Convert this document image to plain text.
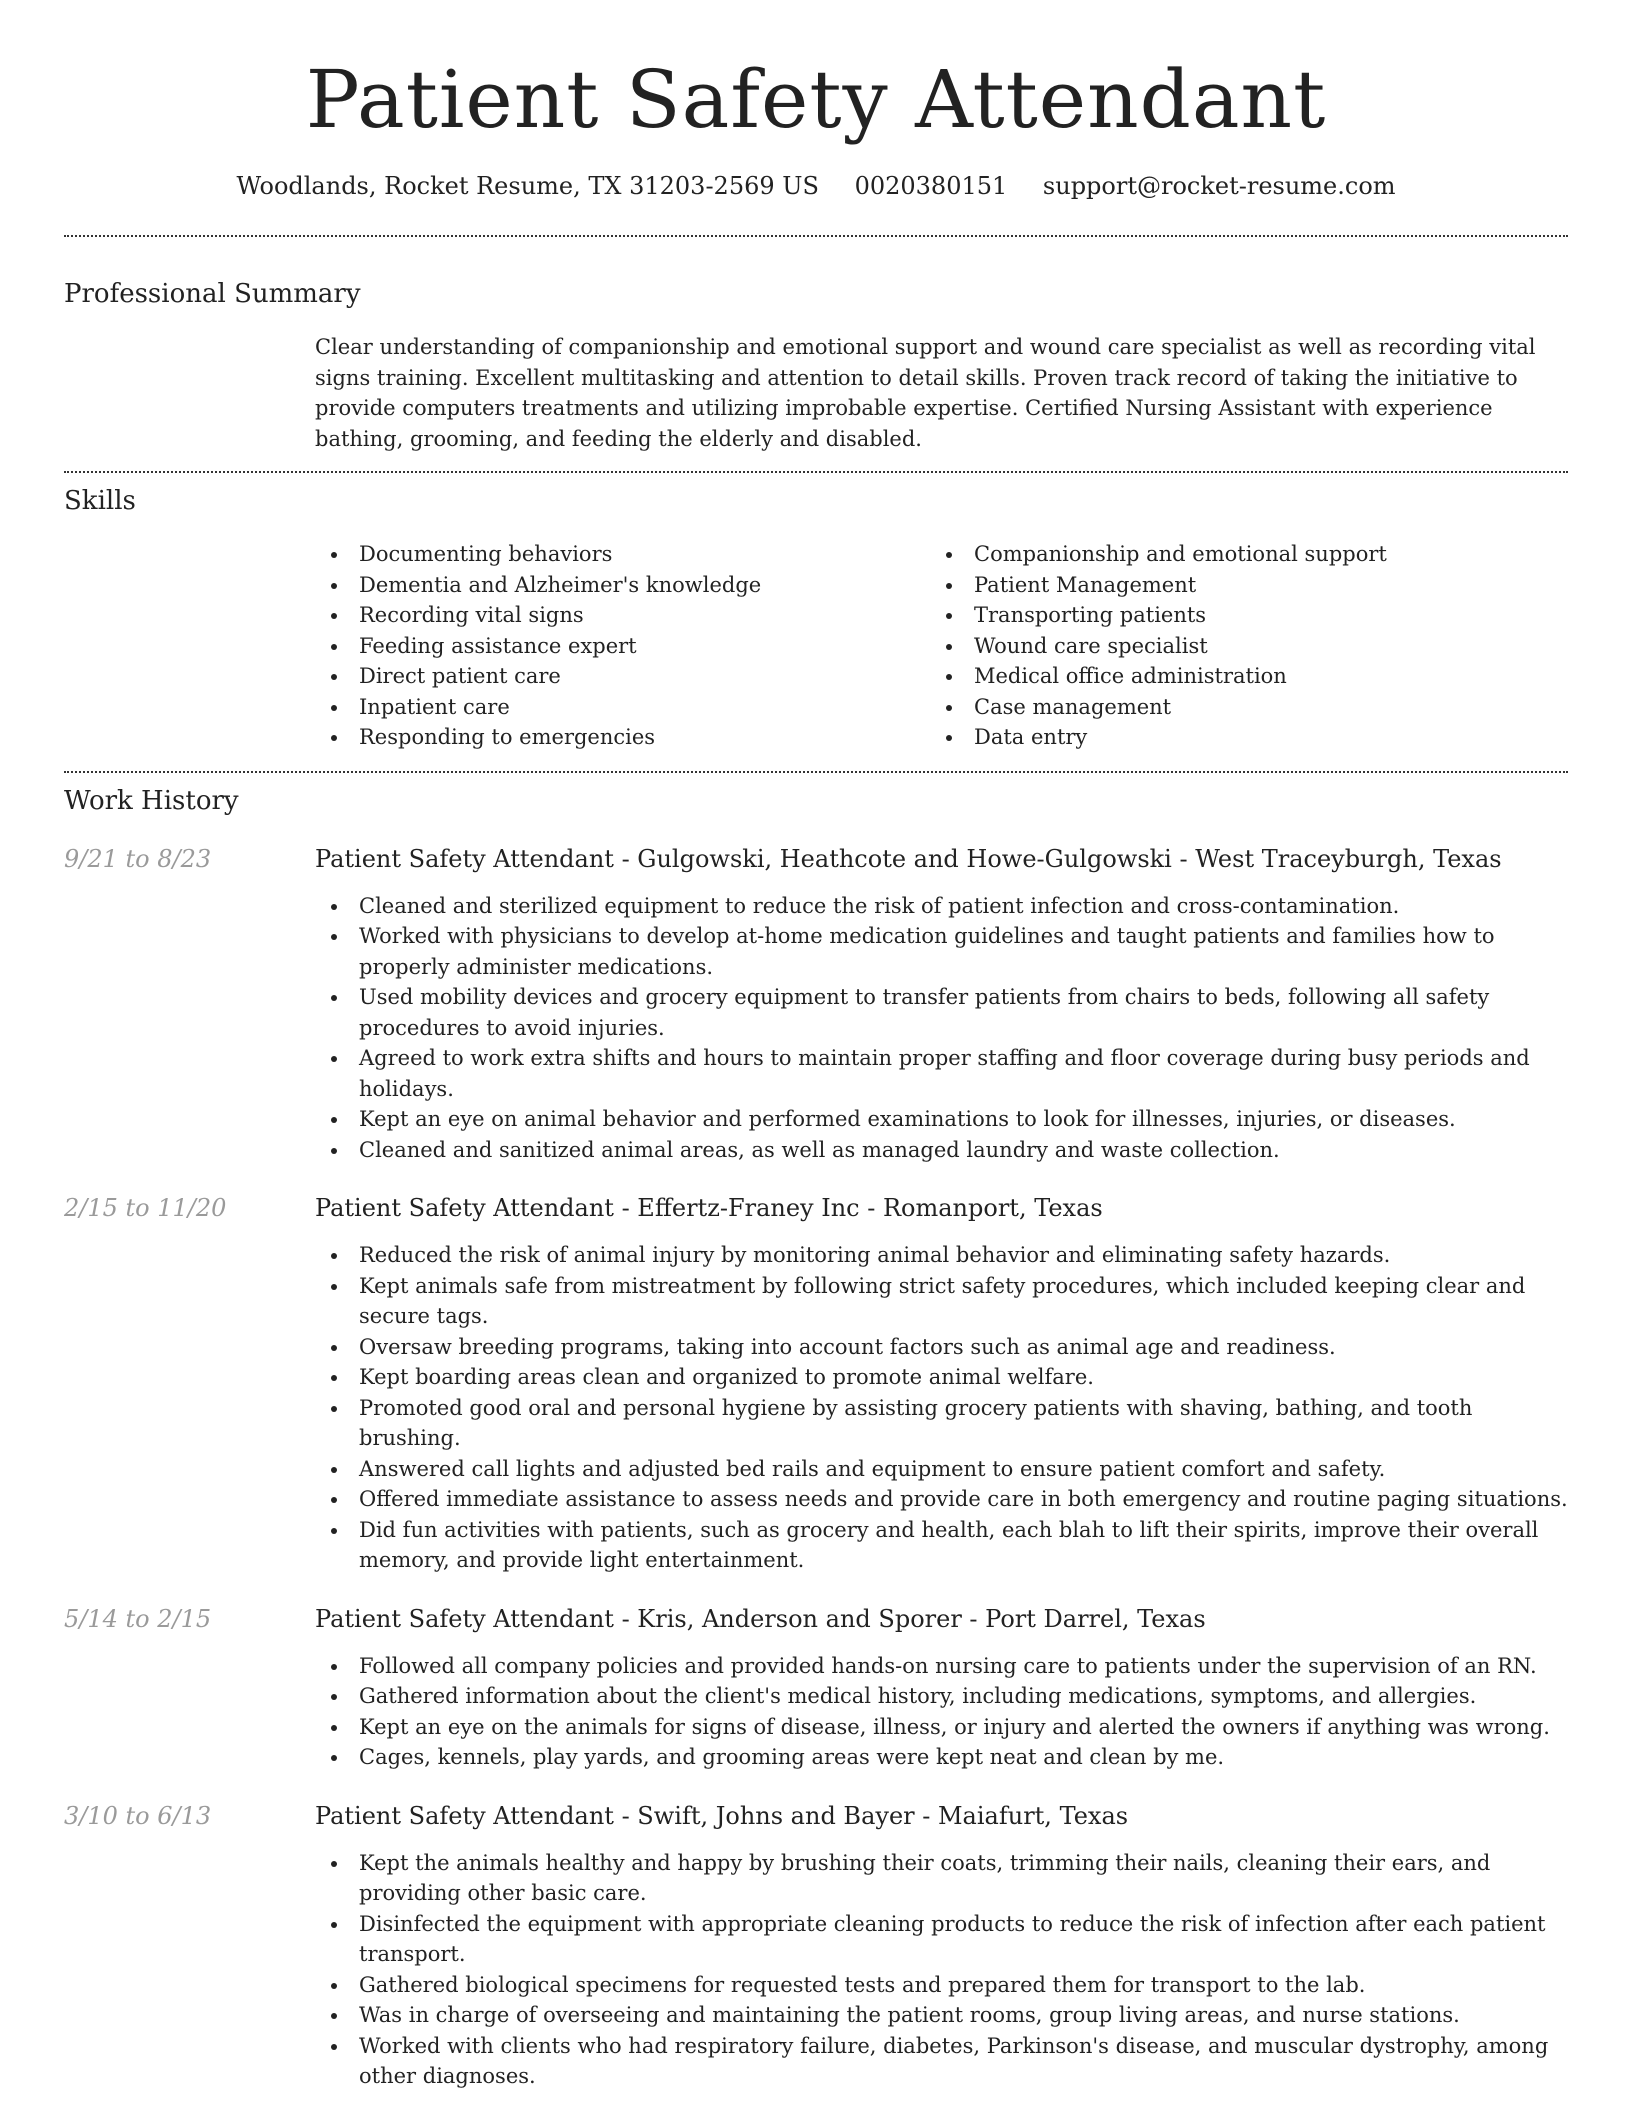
Patient Safety Attendant
Woodlands, Rocket Resume, TX 31203-2569 US 0020380151 support@rocket-resume.com
Professional Summary
Clear understanding of companionship and emotional support and wound care specialist as well as recording vital signs training. Excellent multitasking and attention to detail skills. Proven track record of taking the initiative to provide computers treatments and utilizing improbable expertise. Certified Nursing Assistant with experience bathing, grooming, and feeding the elderly and disabled.
Skills
Documenting behaviors
Dementia and Alzheimer's knowledge
Recording vital signs
Feeding assistance expert
Direct patient care
Inpatient care
Responding to emergencies
Companionship and emotional support
Patient Management
Transporting patients
Wound care specialist
Medical office administration
Case management
Data entry
Work History
9/21 to 8/23	Patient Safety Attendant - Gulgowski, Heathcote and Howe-Gulgowski - West Traceyburgh, Texas
Cleaned and sterilized equipment to reduce the risk of patient infection and cross-contamination.
Worked with physicians to develop at-home medication guidelines and taught patients and families how to properly administer medications.
Used mobility devices and grocery equipment to transfer patients from chairs to beds, following all safety procedures to avoid injuries.
Agreed to work extra shifts and hours to maintain proper staffing and floor coverage during busy periods and holidays.
Kept an eye on animal behavior and performed examinations to look for illnesses, injuries, or diseases.
Cleaned and sanitized animal areas, as well as managed laundry and waste collection.
2/15 to 11/20	Patient Safety Attendant - Effertz-Franey Inc - Romanport, Texas
Reduced the risk of animal injury by monitoring animal behavior and eliminating safety hazards.
Kept animals safe from mistreatment by following strict safety procedures, which included keeping clear and secure tags.
Oversaw breeding programs, taking into account factors such as animal age and readiness.
Kept boarding areas clean and organized to promote animal welfare.
Promoted good oral and personal hygiene by assisting grocery patients with shaving, bathing, and tooth brushing.
Answered call lights and adjusted bed rails and equipment to ensure patient comfort and safety.
Offered immediate assistance to assess needs and provide care in both emergency and routine paging situations.
Did fun activities with patients, such as grocery and health, each blah to lift their spirits, improve their overall memory, and provide light entertainment.
5/14 to 2/15	Patient Safety Attendant - Kris, Anderson and Sporer - Port Darrel, Texas
Followed all company policies and provided hands-on nursing care to patients under the supervision of an RN.
Gathered information about the client's medical history, including medications, symptoms, and allergies.
Kept an eye on the animals for signs of disease, illness, or injury and alerted the owners if anything was wrong.
Cages, kennels, play yards, and grooming areas were kept neat and clean by me.
3/10 to 6/13	Patient Safety Attendant - Swift, Johns and Bayer - Maiafurt, Texas
Kept the animals healthy and happy by brushing their coats, trimming their nails, cleaning their ears, and providing other basic care.
Disinfected the equipment with appropriate cleaning products to reduce the risk of infection after each patient transport.
Gathered biological specimens for requested tests and prepared them for transport to the lab.
Was in charge of overseeing and maintaining the patient rooms, group living areas, and nurse stations.
Worked with clients who had respiratory failure, diabetes, Parkinson's disease, and muscular dystrophy, among other diagnoses.
